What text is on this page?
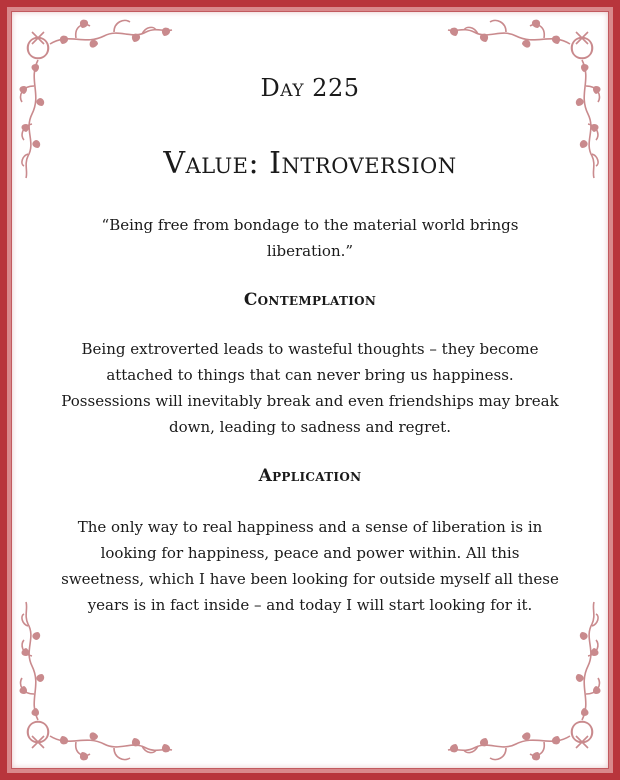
Day 225
Value: Introversion

“Being free from bondage to the material world brings liberation.”

Contemplation

Being extroverted leads to wasteful thoughts – they become attached to things that can never bring us happiness. Possessions will inevitably break and even friendships may break down, leading to sadness and regret.

Application

The only way to real happiness and a sense of liberation is in looking for happiness, peace and power within. All this sweetness, which I have been looking for outside myself all these years is in fact inside – and today I will start looking for it.
